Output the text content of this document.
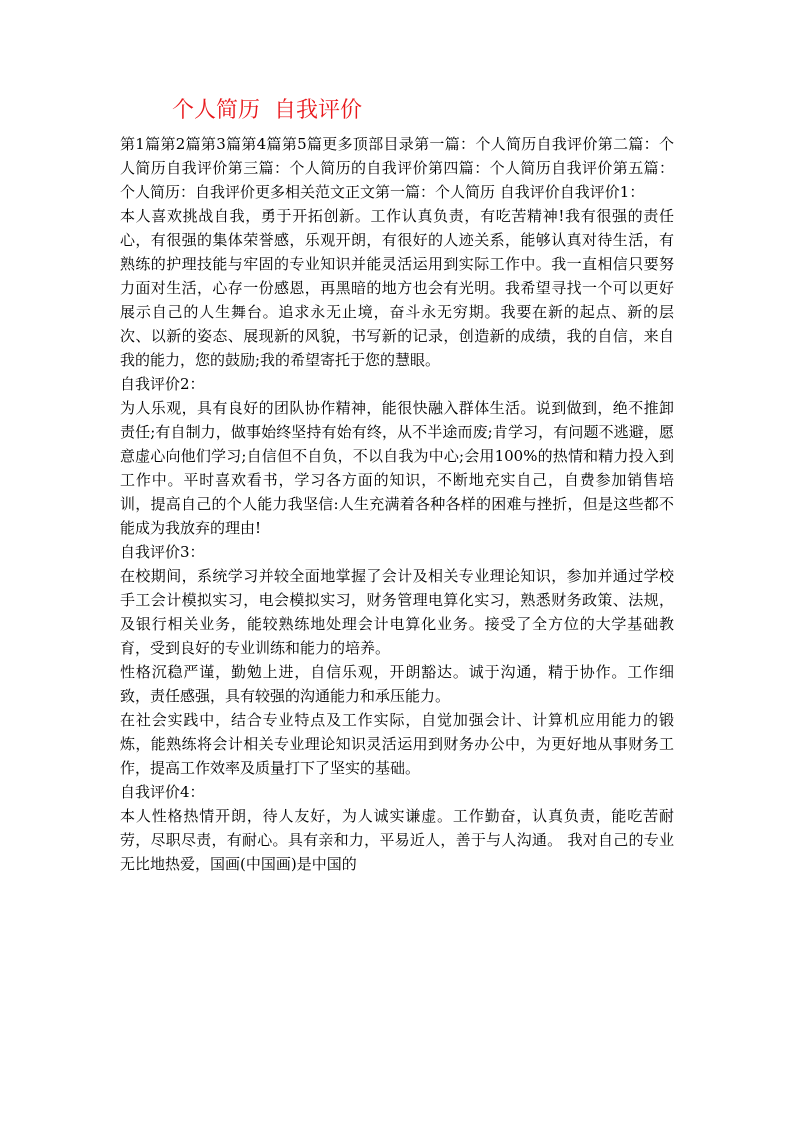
个人简历  自我评价

第1篇第2篇第3篇第4篇第5篇更多顶部目录第一篇：个人简历自我评价第二篇：个人简历自我评价第三篇：个人简历的自我评价第四篇：个人简历自我评价第五篇：个人简历：自我评价更多相关范文正文第一篇：个人简历 自我评价自我评价1：

本人喜欢挑战自我，勇于开拓创新。工作认真负责，有吃苦精神!我有很强的责任心，有很强的集体荣誉感，乐观开朗，有很好的人迹关系，能够认真对待生活，有熟练的护理技能与牢固的专业知识并能灵活运用到实际工作中。我一直相信只要努力面对生活，心存一份感恩，再黑暗的地方也会有光明。我希望寻找一个可以更好展示自己的人生舞台。追求永无止境，奋斗永无穷期。我要在新的起点、新的层次、以新的姿态、展现新的风貌，书写新的记录，创造新的成绩，我的自信，来自我的能力，您的鼓励;我的希望寄托于您的慧眼。

自我评价2：

为人乐观，具有良好的团队协作精神，能很快融入群体生活。说到做到，绝不推卸责任;有自制力，做事始终坚持有始有终，从不半途而废;肯学习，有问题不逃避，愿意虚心向他们学习;自信但不自负，不以自我为中心;会用100%的热情和精力投入到工作中。平时喜欢看书，学习各方面的知识，不断地充实自己，自费参加销售培训，提高自己的个人能力我坚信:人生充满着各种各样的困难与挫折，但是这些都不能成为我放弃的理由!

自我评价3：

在校期间，系统学习并较全面地掌握了会计及相关专业理论知识，参加并通过学校手工会计模拟实习，电会模拟实习，财务管理电算化实习，熟悉财务政策、法规，及银行相关业务，能较熟练地处理会计电算化业务。接受了全方位的大学基础教育，受到良好的专业训练和能力的培养。

性格沉稳严谨，勤勉上进，自信乐观，开朗豁达。诚于沟通，精于协作。工作细致，责任感强，具有较强的沟通能力和承压能力。

在社会实践中，结合专业特点及工作实际，自觉加强会计、计算机应用能力的锻炼，能熟练将会计相关专业理论知识灵活运用到财务办公中，为更好地从事财务工作，提高工作效率及质量打下了坚实的基础。

自我评价4：

本人性格热情开朗，待人友好，为人诚实谦虚。工作勤奋，认真负责，能吃苦耐劳，尽职尽责，有耐心。具有亲和力，平易近人，善于与人沟通。 我对自己的专业无比地热爱，国画(中国画)是中国的
